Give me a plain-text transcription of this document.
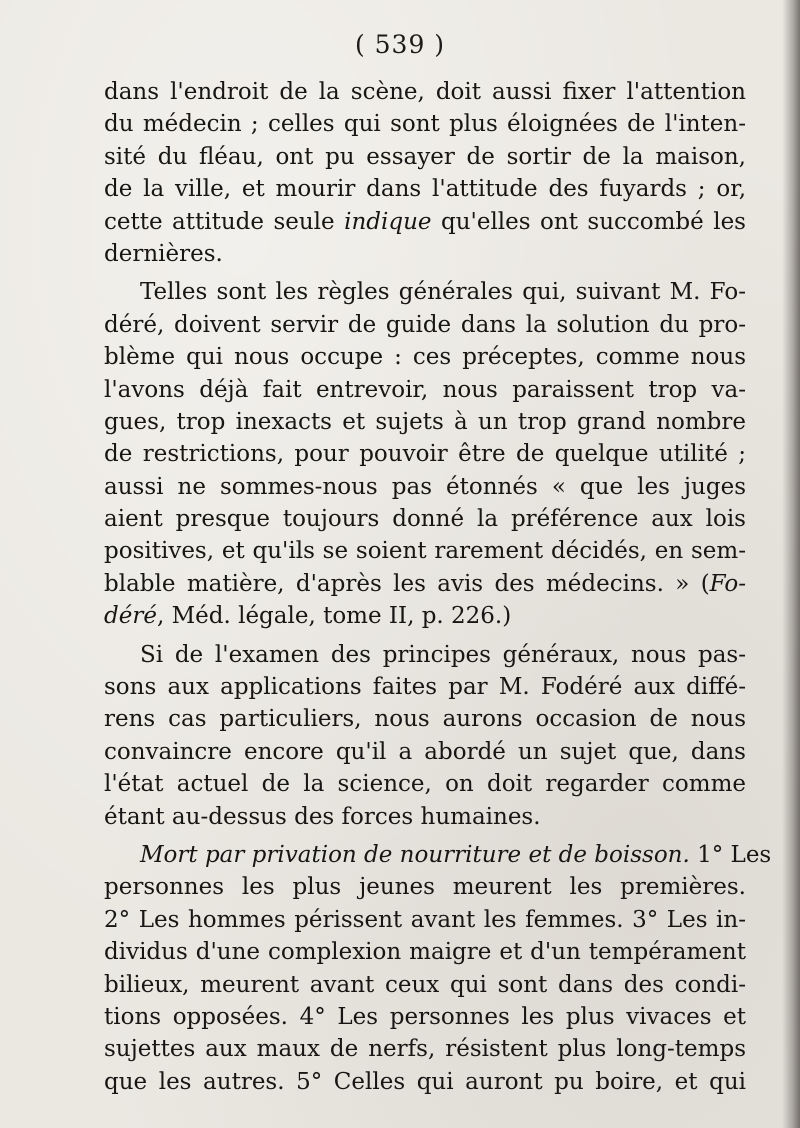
( 539 )
dans l'endroit de la scène, doit aussi fixer l'attention
du médecin ; celles qui sont plus éloignées de l'inten-
sité du fléau, ont pu essayer de sortir de la maison,
de la ville, et mourir dans l'attitude des fuyards ; or,
cette attitude seule indique qu'elles ont succombé les
dernières.
Telles sont les règles générales qui, suivant M. Fo-
déré, doivent servir de guide dans la solution du pro-
blème qui nous occupe : ces préceptes, comme nous
l'avons déjà fait entrevoir, nous paraissent trop va-
gues, trop inexacts et sujets à un trop grand nombre
de restrictions, pour pouvoir être de quelque utilité ;
aussi ne sommes-nous pas étonnés « que les juges
aient presque toujours donné la préférence aux lois
positives, et qu'ils se soient rarement décidés, en sem-
blable matière, d'après les avis des médecins. » (Fo-
déré, Méd. légale, tome II, p. 226.)
Si de l'examen des principes généraux, nous pas-
sons aux applications faites par M. Fodéré aux diffé-
rens cas particuliers, nous aurons occasion de nous
convaincre encore qu'il a abordé un sujet que, dans
l'état actuel de la science, on doit regarder comme
étant au-dessus des forces humaines.
Mort par privation de nourriture et de boisson. 1° Les
personnes les plus jeunes meurent les premières.
2° Les hommes périssent avant les femmes. 3° Les in-
dividus d'une complexion maigre et d'un tempérament
bilieux, meurent avant ceux qui sont dans des condi-
tions opposées. 4° Les personnes les plus vivaces et
sujettes aux maux de nerfs, résistent plus long-temps
que les autres. 5° Celles qui auront pu boire, et qui
